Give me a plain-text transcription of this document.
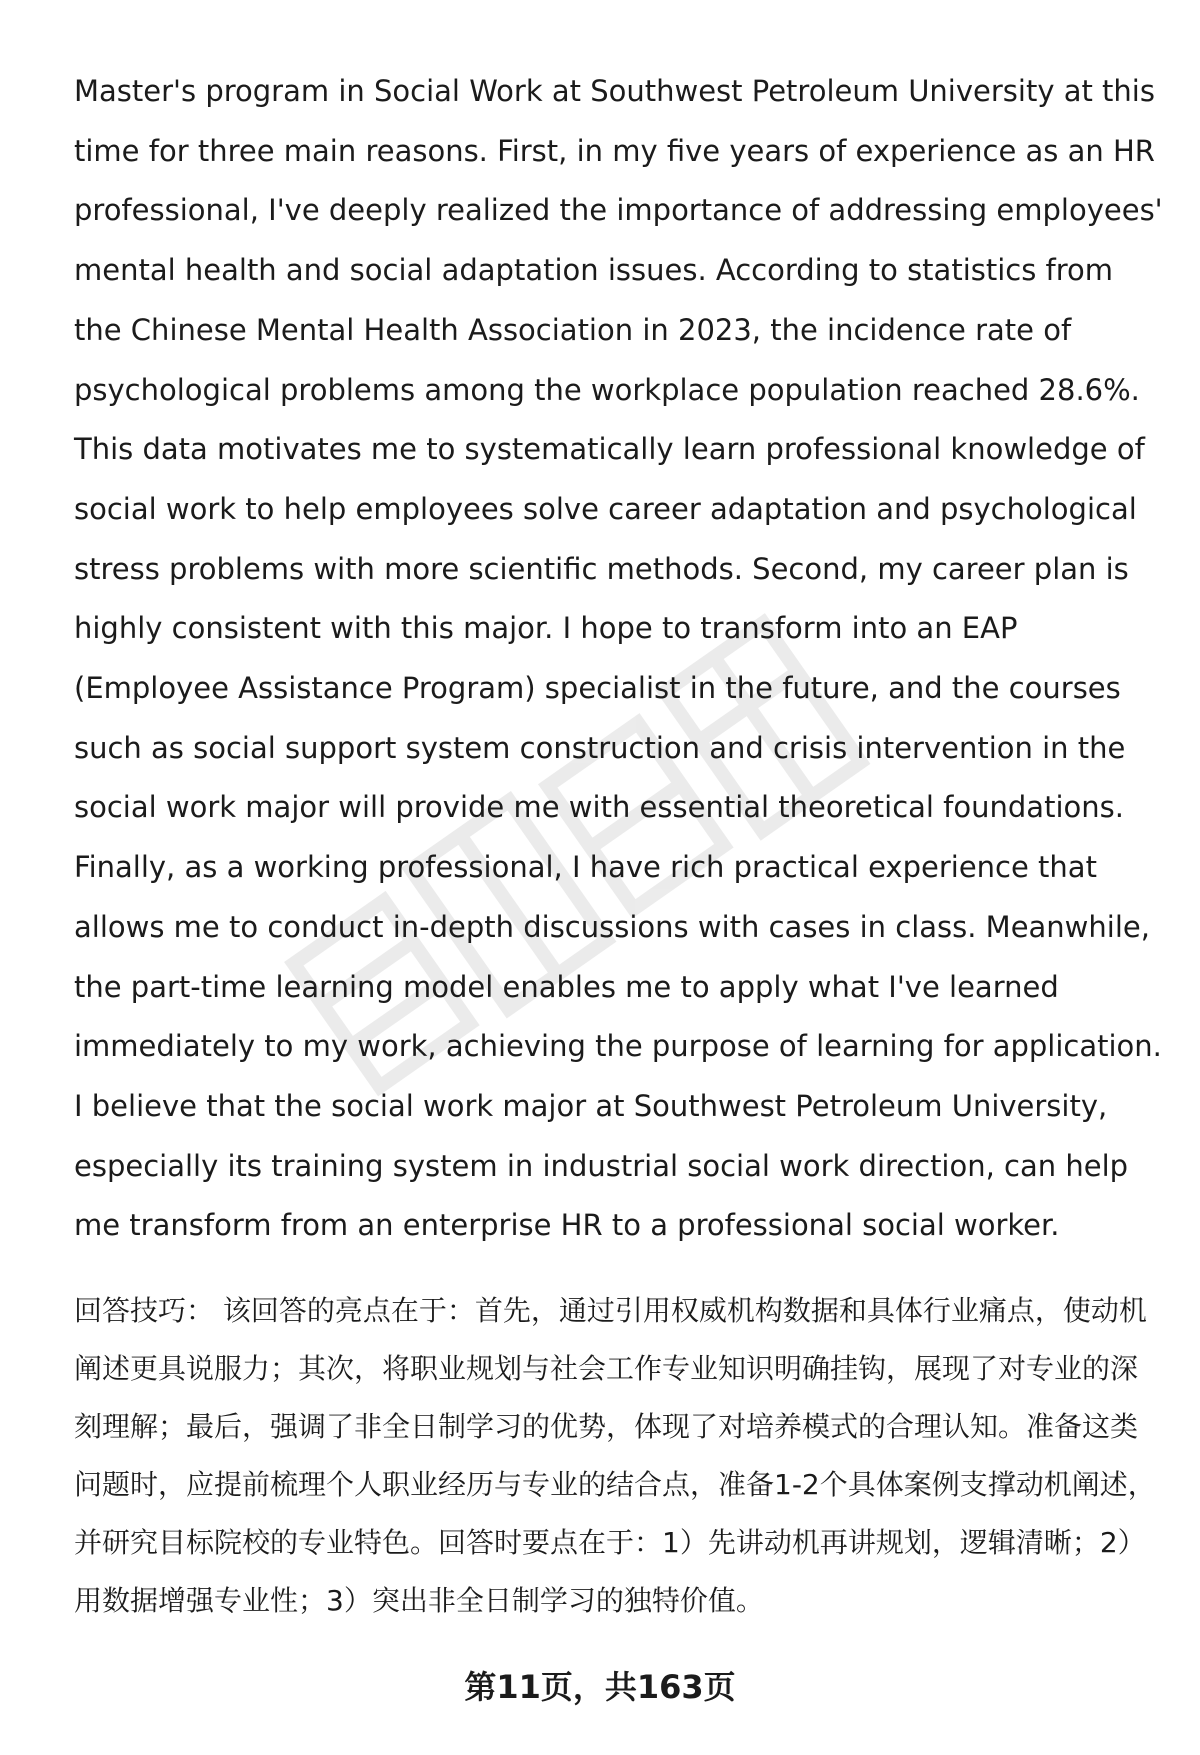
Master's program in Social Work at Southwest Petroleum University at this time for three main reasons. First, in my five years of experience as an HR professional, I've deeply realized the importance of addressing employees' mental health and social adaptation issues. According to statistics from the Chinese Mental Health Association in 2023, the incidence rate of psychological problems among the workplace population reached 28.6%. This data motivates me to systematically learn professional knowledge of social work to help employees solve career adaptation and psychological stress problems with more scientific methods. Second, my career plan is highly consistent with this major. I hope to transform into an EAP (Employee Assistance Program) specialist in the future, and the courses such as social support system construction and crisis intervention in the social work major will provide me with essential theoretical foundations. Finally, as a working professional, I have rich practical experience that allows me to conduct in-depth discussions with cases in class. Meanwhile, the part-time learning model enables me to apply what I've learned immediately to my work, achieving the purpose of learning for application. I believe that the social work major at Southwest Petroleum University, especially its training system in industrial social work direction, can help me transform from an enterprise HR to a professional social worker.

回答技巧： 该回答的亮点在于：首先，通过引用权威机构数据和具体行业痛点，使动机阐述更具说服力；其次，将职业规划与社会工作专业知识明确挂钩，展现了对专业的深刻理解；最后，强调了非全日制学习的优势，体现了对培养模式的合理认知。准备这类问题时，应提前梳理个人职业经历与专业的结合点，准备1-2个具体案例支撑动机阐述，并研究目标院校的专业特色。回答时要点在于：1）先讲动机再讲规划，逻辑清晰；2）用数据增强专业性；3）突出非全日制学习的独特价值。

第11页，共163页
